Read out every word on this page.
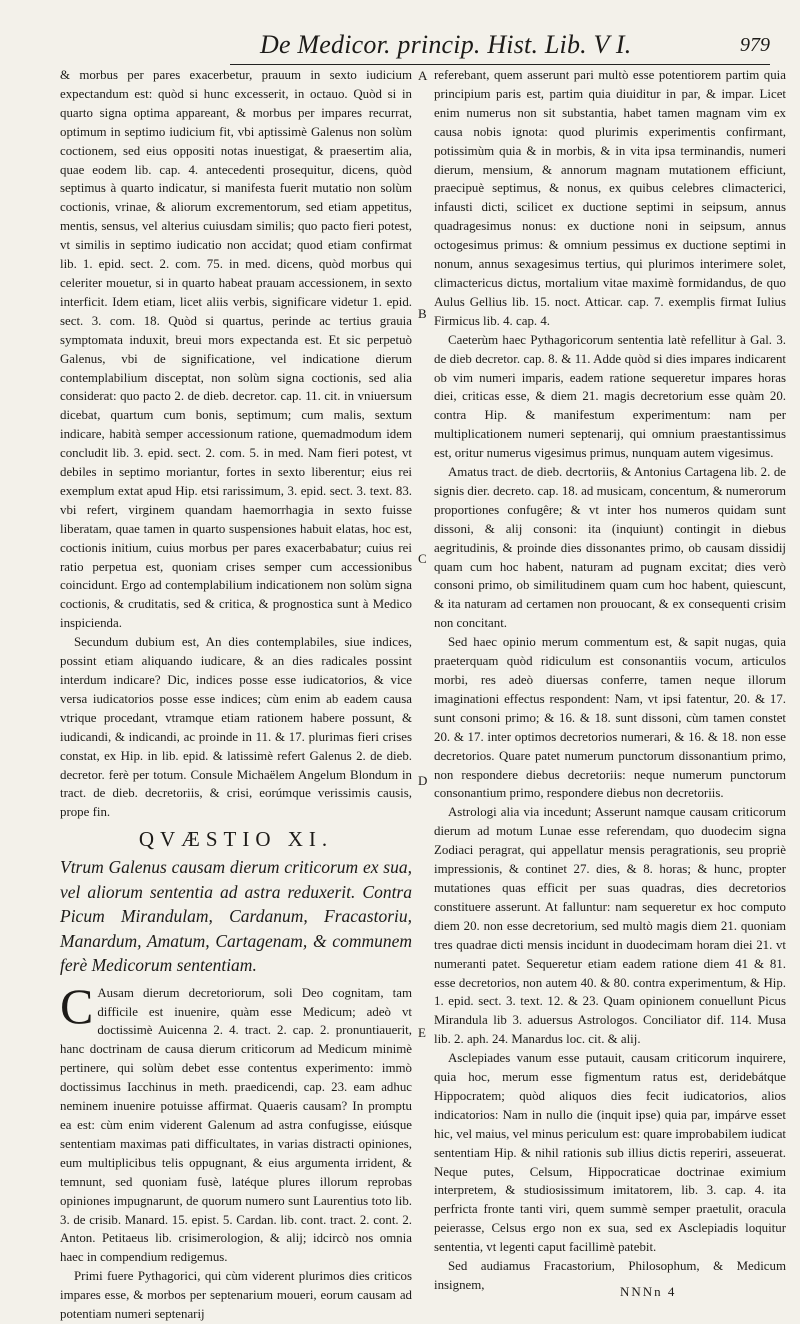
De Medicor. princip. Hist. Lib. V I.	979

& morbus per pares exacerbetur, prauum in sexto iudicium expectandum est: quòd si hunc excesserit, in octauo. Quòd si in quarto signa optima appareant, & morbus per impares recurrat, optimum in septimo iudicium fit, vbi aptissimè Galenus non solùm coctionem, sed eius oppositi notas inuestigat, & praesertim alia, quae eodem lib. cap. 4. antecedenti prosequitur, dicens, quòd septimus à quarto indicatur, si manifesta fuerit mutatio non solùm coctionis, vrinae, & aliorum excrementorum, sed etiam appetitus, mentis, sensus, vel alterius cuiusdam similis; quo pacto fieri potest, vt similis in septimo iudicatio non accidat; quod etiam confirmat lib. 1. epid. sect. 2. com. 75. in med. dicens, quòd morbus qui celeriter mouetur, si in quarto habeat prauam accessionem, in sexto interficit. Idem etiam, licet aliis verbis, significare videtur 1. epid. sect. 3. com. 18. Quòd si quartus, perinde ac tertius grauia symptomata induxit, breui mors expectanda est. Et sic perpetuò Galenus, vbi de significatione, vel indicatione dierum contemplabilium disceptat, non solùm signa coctionis, sed alia considerat: quo pacto 2. de dieb. decretor. cap. 11. cit. in vniuersum dicebat, quartum cum bonis, septimum; cum malis, sextum indicare, habità semper accessionum ratione, quemadmodum idem concludit lib. 3. epid. sect. 2. com. 5. in med. Nam fieri potest, vt debiles in septimo moriantur, fortes in sexto liberentur; eius rei exemplum extat apud Hip. etsi rarissimum, 3. epid. sect. 3. text. 83. vbi refert, virginem quandam haemorrhagia in sexto fuisse liberatam, quae tamen in quarto suspensiones habuit elatas, hoc est, coctionis initium, cuius morbus per pares exacerbabatur; cuius rei ratio perpetua est, quoniam crises semper cum accessionibus coincidunt. Ergo ad contemplabilium indicationem non solùm signa coctionis, & cruditatis, sed & critica, & prognostica sunt à Medico inspicienda.

Secundum dubium est, An dies contemplabiles, siue indices, possint etiam aliquando iudicare, & an dies radicales possint interdum indicare? Dic, indices posse esse iudicatorios, & vice versa iudicatorios posse esse indices; cùm enim ab eadem causa vtrique procedant, vtramque etiam rationem habere possunt, & iudicandi, & indicandi, ac proinde in 11. & 17. plurimas fieri crises constat, ex Hip. in lib. epid. & latissimè refert Galenus 2. de dieb. decretor. ferè per totum. Consule Michaëlem Angelum Blondum in tract. de dieb. decretoriis, & crisi, eorúmque verissimis causis, prope fin.

QVÆSTIO XI.

Vtrum Galenus causam dierum criticorum ex sua, vel aliorum sententia ad astra reduxerit. Contra Picum Mirandulam, Cardanum, Fracastoriu, Manardum, Amatum, Cartagenam, & communem ferè Medicorum sententiam.

C Ausam dierum decretoriorum, soli Deo cognitam, tam difficile est inuenire, quàm esse Medicum; adeò vt doctissimè Auicenna 2. 4. tract. 2. cap. 2. pronuntiauerit, hanc doctrinam de causa dierum criticorum ad Medicum minimè pertinere, qui solùm debet esse contentus experimento: immò doctissimus Iacchinus in meth. praedicendi, cap. 23. eam adhuc neminem inuenire potuisse affirmat. Quaeris causam? In promptu ea est: cùm enim viderent Galenum ad astra confugisse, eiúsque sententiam maximas pati difficultates, in varias distracti opiniones, eum multiplicibus telis oppugnant, & eius argumenta irrident, & temnunt, sed quoniam fusè, latéque plures illorum reprobas opiniones impugnarunt, de quorum numero sunt Laurentius toto lib. 3. de crisib. Manard. 15. epist. 5. Cardan. lib. cont. tract. 2. cont. 2. Anton. Petitaeus lib. crisimerologion, & alij; idcircò nos omnia haec in compendium redigemus.

Primi fuere Pythagorici, qui cùm viderent plurimos dies criticos impares esse, & morbos per septenarium moueri, eorum causam ad potentiam numeri septenarij

A
B
C
D
E

referebant, quem asserunt pari multò esse potentiorem partim quia principium paris est, partim quia diuiditur in par, & impar. Licet enim numerus non sit substantia, habet tamen magnam vim ex causa nobis ignota: quod plurimis experimentis confirmant, potissimùm quia & in morbis, & in vita ipsa terminandis, numeri dierum, mensium, & annorum magnam mutationem efficiunt, praecipuè septimus, & nonus, ex quibus celebres climacterici, infausti dicti, scilicet ex ductione septimi in seipsum, annus quadragesimus nonus: ex ductione noni in seipsum, annus octogesimus primus: & omnium pessimus ex ductione septimi in nonum, annus sexagesimus tertius, qui plurimos interimere solet, climactericus dictus, mortalium vitae maximè formidandus, de quo Aulus Gellius lib. 15. noct. Atticar. cap. 7. exemplis firmat Iulius Firmicus lib. 4. cap. 4.

Caeterùm haec Pythagoricorum sententia latè refellitur à Gal. 3. de dieb decretor. cap. 8. & 11. Adde quòd si dies impares indicarent ob vim numeri imparis, eadem ratione sequeretur impares horas diei, criticas esse, & diem 21. magis decretorium esse quàm 20. contra Hip. & manifestum experimentum: nam per multiplicationem numeri septenarij, qui omnium praestantissimus est, oritur numerus vigesimus primus, nunquam autem vigesimus.

Amatus tract. de dieb. decrtoriis, & Antonius Cartagena lib. 2. de signis dier. decreto. cap. 18. ad musicam, concentum, & numerorum proportiones confugêre; & vt inter hos numeros quidam sunt dissoni, & alij consoni: ita (inquiunt) contingit in diebus aegritudinis, & proinde dies dissonantes primo, ob causam dissidij quam cum hoc habent, naturam ad pugnam excitat; dies verò consoni primo, ob similitudinem quam cum hoc habent, quiescunt, & ita naturam ad certamen non prouocant, & ex consequenti crisim non concitant.

Sed haec opinio merum commentum est, & sapit nugas, quia praeterquam quòd ridiculum est consonantiis vocum, articulos morbi, res adeò diuersas conferre, tamen neque illorum imaginationi effectus respondent: Nam, vt ipsi fatentur, 20. & 17. sunt consoni primo; & 16. & 18. sunt dissoni, cùm tamen constet 20. & 17. inter optimos decretorios numerari, & 16. & 18. non esse decretorios. Quare patet numerum punctorum dissonantium primo, non respondere diebus decretoriis: neque numerum punctorum consonantium primo, respondere diebus non decretoriis.

Astrologi alia via incedunt; Asserunt namque causam criticorum dierum ad motum Lunae esse referendam, quo duodecim signa Zodiaci peragrat, qui appellatur mensis peragrationis, seu propriè impressionis, & continet 27. dies, & 8. horas; & hunc, propter mutationes quas efficit per suas quadras, dies decretorios constituere asserunt. At falluntur: nam sequeretur ex hoc computo diem 20. non esse decretorium, sed multò magis diem 21. quoniam tres quadrae dicti mensis incidunt in duodecimam horam diei 21. vt numeranti patet. Sequeretur etiam eadem ratione diem 41 & 81. esse decretorios, non autem 40. & 80. contra experimentum, & Hip. 1. epid. sect. 3. text. 12. & 23. Quam opinionem conuellunt Picus Mirandula lib 3. aduersus Astrologos. Conciliator dif. 114. Musa lib. 2. aph. 24. Manardus loc. cit. & alij.

Asclepiades vanum esse putauit, causam criticorum inquirere, quia hoc, merum esse figmentum ratus est, deridebátque Hippocratem; quòd aliquos dies fecit iudicatorios, alios indicatorios: Nam in nullo die (inquit ipse) quia par, impárve esset hic, vel maius, vel minus periculum est: quare improbabilem iudicat sententiam Hip. & nihil rationis sub illius dictis reperiri, asseuerat. Neque putes, Celsum, Hippocraticae doctrinae eximium interpretem, & studiosissimum imitatorem, lib. 3. cap. 4. ita perfricta fronte tanti viri, quem summè semper praetulit, oracula peierasse, Celsus ergo non ex sua, sed ex Asclepiadis loquitur sententia, vt legenti caput facillimè patebit.

Sed audiamus Fracastorium, Philosophum, & Medicum insignem,	NNNn 4
